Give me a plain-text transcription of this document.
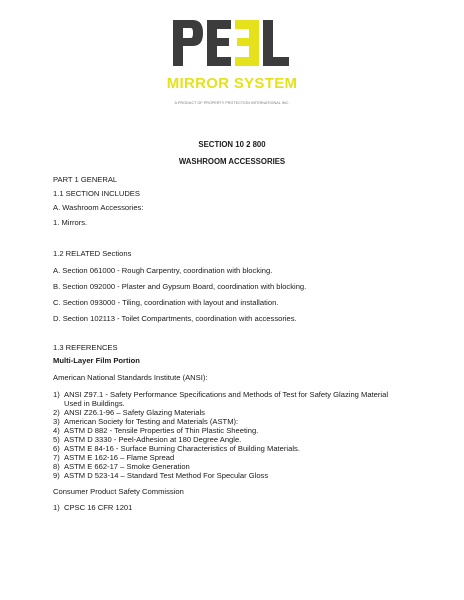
MIRROR SYSTEM
A PRODUCT OF PROPERTY PROTECTION INTERNATIONAL INC.
SECTION 10 2 800
WASHROOM ACCESSORIES
PART 1 GENERAL
1.1 SECTION INCLUDES
A. Washroom Accessories:
1. Mirrors.
1.2 RELATED Sections
A. Section 061000 - Rough Carpentry, coordination with blocking.
B. Section 092000 - Plaster and Gypsum Board, coordination with blocking.
C. Section 093000 - Tiling, coordination with layout and installation.
D. Section 102113 - Toilet Compartments, coordination with accessories.
1.3 REFERENCES
Multi-Layer Film Portion
American National Standards Institute (ANSI):
1) ANSI Z97.1 - Safety Performance Specifications and Methods of Test for Safety Glazing Material
Used in Buildings.
2) ANSI Z26.1-96 – Safety Glazing Materials
3) American Society for Testing and Materials (ASTM):
4) ASTM D 882 - Tensile Properties of Thin Plastic Sheeting.
5) ASTM D 3330 - Peel-Adhesion at 180 Degree Angle.
6) ASTM E 84-16 - Surface Burning Characteristics of Building Materials.
7) ASTM E 162-16 – Flame Spread
8) ASTM E 662-17 – Smoke Generation
9) ASTM D 523-14 – Standard Test Method For Specular Gloss
Consumer Product Safety Commission
1) CPSC 16 CFR 1201
